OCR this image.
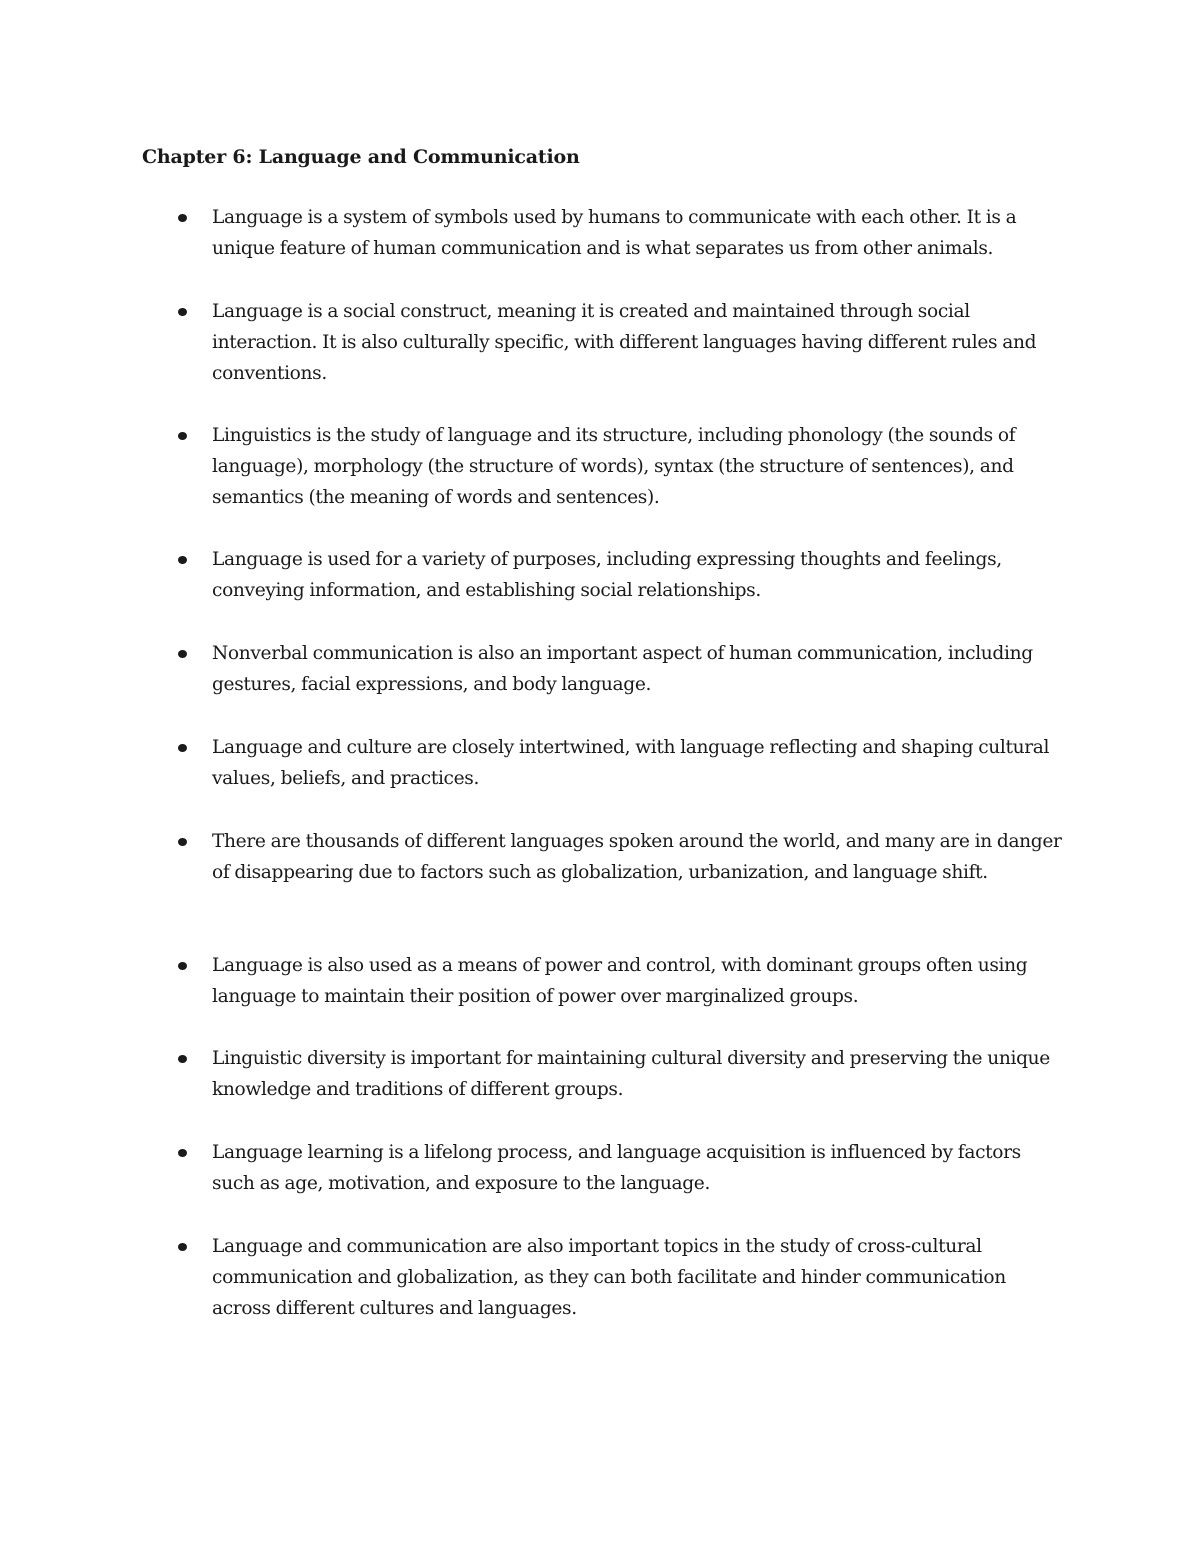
Chapter 6: Language and Communication
Language is a system of symbols used by humans to communicate with each other. It is a unique feature of human communication and is what separates us from other animals.
Language is a social construct, meaning it is created and maintained through social interaction. It is also culturally specific, with different languages having different rules and conventions.
Linguistics is the study of language and its structure, including phonology (the sounds of language), morphology (the structure of words), syntax (the structure of sentences), and semantics (the meaning of words and sentences).
Language is used for a variety of purposes, including expressing thoughts and feelings, conveying information, and establishing social relationships.
Nonverbal communication is also an important aspect of human communication, including gestures, facial expressions, and body language.
Language and culture are closely intertwined, with language reflecting and shaping cultural values, beliefs, and practices.
There are thousands of different languages spoken around the world, and many are in danger of disappearing due to factors such as globalization, urbanization, and language shift.
Language is also used as a means of power and control, with dominant groups often using language to maintain their position of power over marginalized groups.
Linguistic diversity is important for maintaining cultural diversity and preserving the unique knowledge and traditions of different groups.
Language learning is a lifelong process, and language acquisition is influenced by factors such as age, motivation, and exposure to the language.
Language and communication are also important topics in the study of cross-cultural communication and globalization, as they can both facilitate and hinder communication across different cultures and languages.
